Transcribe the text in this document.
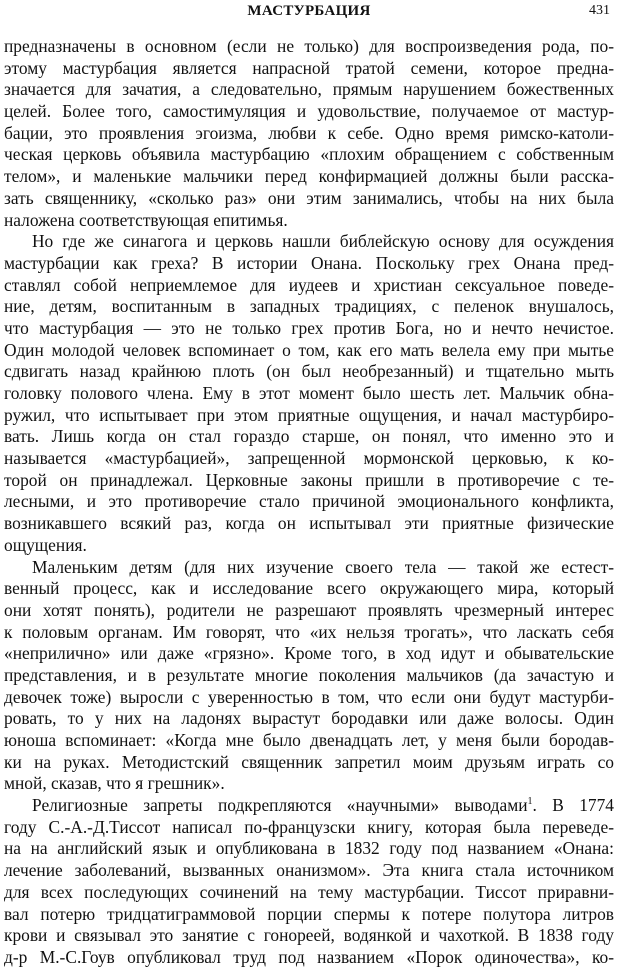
МАСТУРБАЦИЯ	431
предназначены в основном (если не только) для воспроизведения рода, по-
этому мастурбация является напрасной тратой семени, которое предна-
значается для зачатия, а следовательно, прямым нарушением божественных
целей. Более того, самостимуляция и удовольствие, получаемое от мастур-
бации, это проявления эгоизма, любви к себе. Одно время римско-католи-
ческая церковь объявила мастурбацию «плохим обращением с собственным
телом», и маленькие мальчики перед конфирмацией должны были расска-
зать священнику, «сколько раз» они этим занимались, чтобы на них была
наложена соответствующая епитимья.
Но где же синагога и церковь нашли библейскую основу для осуждения
мастурбации как греха? В истории Онана. Поскольку грех Онана пред-
ставлял собой неприемлемое для иудеев и христиан сексуальное поведе-
ние, детям, воспитанным в западных традициях, с пеленок внушалось,
что мастурбация — это не только грех против Бога, но и нечто нечистое.
Один молодой человек вспоминает о том, как его мать велела ему при мытье
сдвигать назад крайнюю плоть (он был необрезанный) и тщательно мыть
головку полового члена. Ему в этот момент было шесть лет. Мальчик обна-
ружил, что испытывает при этом приятные ощущения, и начал мастурбиро-
вать. Лишь когда он стал гораздо старше, он понял, что именно это и
называется «мастурбацией», запрещенной мормонской церковью, к ко-
торой он принадлежал. Церковные законы пришли в противоречие с те-
лесными, и это противоречие стало причиной эмоционального конфликта,
возникавшего всякий раз, когда он испытывал эти приятные физические
ощущения.
Маленьким детям (для них изучение своего тела — такой же естест-
венный процесс, как и исследование всего окружающего мира, который
они хотят понять), родители не разрешают проявлять чрезмерный интерес
к половым органам. Им говорят, что «их нельзя трогать», что ласкать себя
«неприлично» или даже «грязно». Кроме того, в ход идут и обывательские
представления, и в результате многие поколения мальчиков (да зачастую и
девочек тоже) выросли с уверенностью в том, что если они будут мастурби-
ровать, то у них на ладонях вырастут бородавки или даже волосы. Один
юноша вспоминает: «Когда мне было двенадцать лет, у меня были бородав-
ки на руках. Методистский священник запретил моим друзьям играть со
мной, сказав, что я грешник».
Религиозные запреты подкрепляются «научными» выводами$^1$. В 1774
году С.-А.-Д.Тиссот написал по-французски книгу, которая была переведе-
на на английский язык и опубликована в 1832 году под названием «Онана:
лечение заболеваний, вызванных онанизмом». Эта книга стала источником
для всех последующих сочинений на тему мастурбации. Тиссот приравни-
вал потерю тридцатиграммовой порции спермы к потере полутора литров
крови и связывал это занятие с гонореей, водянкой и чахоткой. В 1838 году
д-р М.-С.Гоув опубликовал труд под названием «Порок одиночества», ко-
